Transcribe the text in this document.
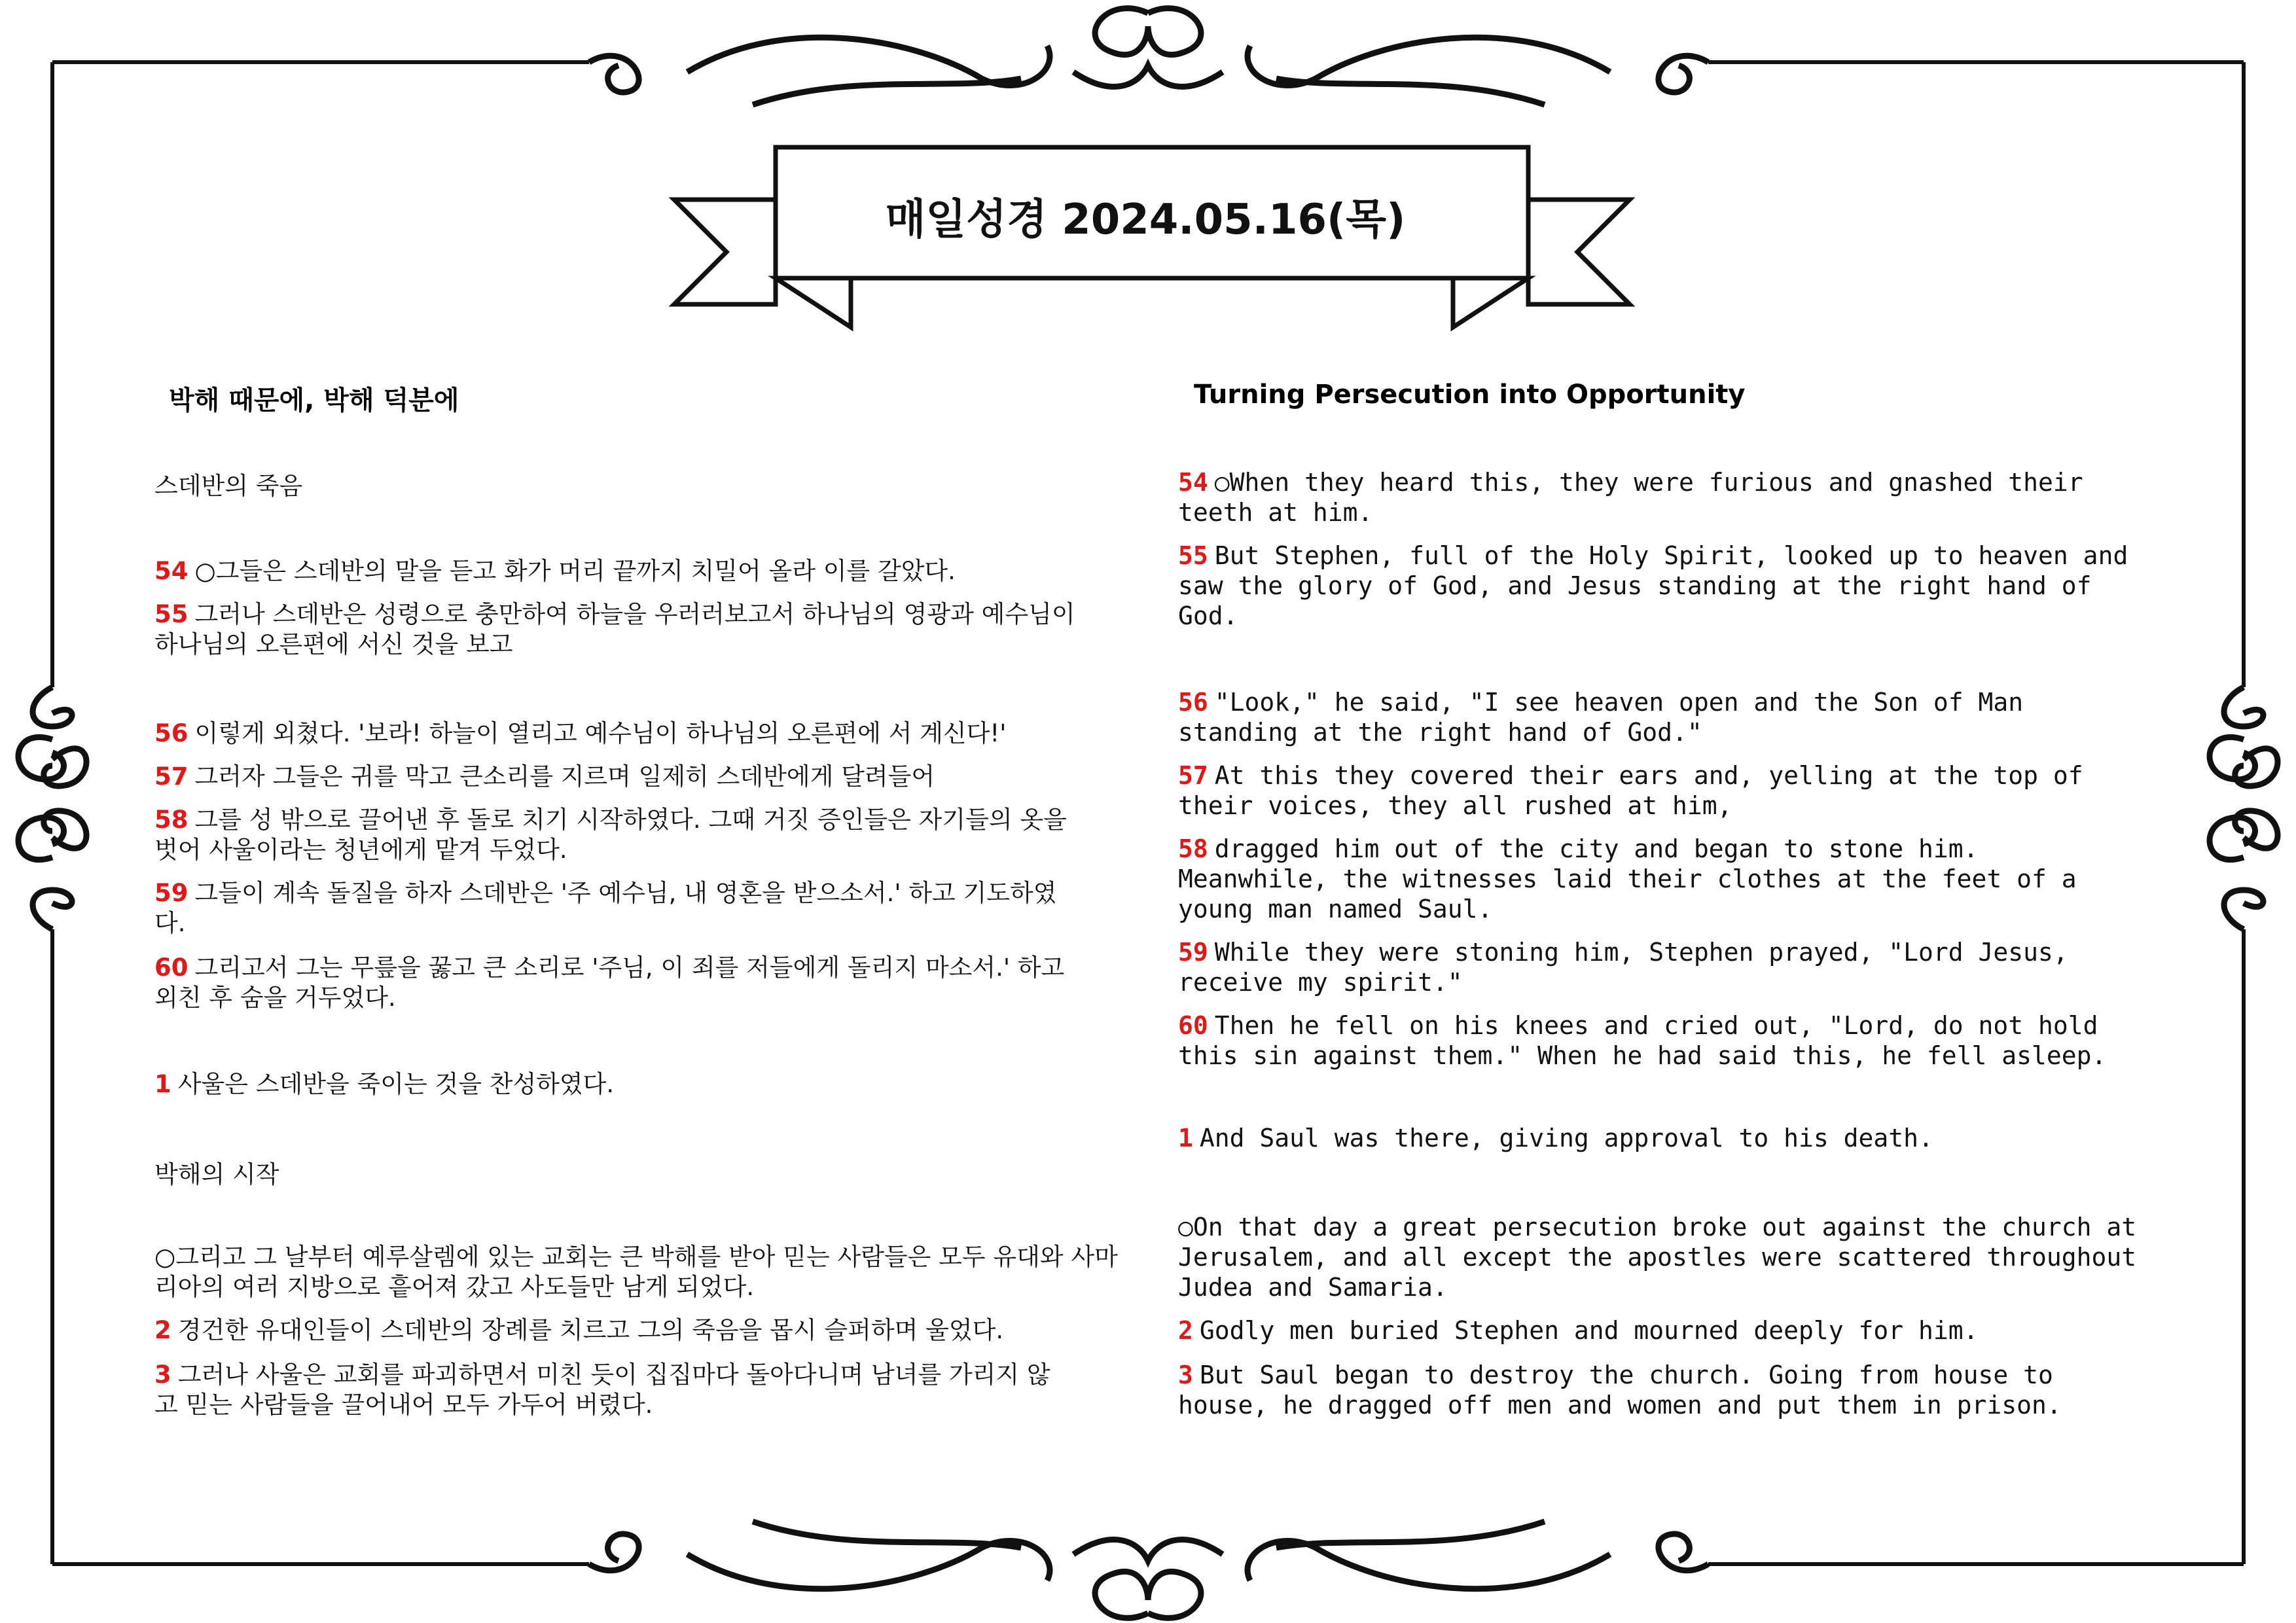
매일성경 2024.05.16(목)
박해 때문에, 박해 덕분에
스데반의 죽음
54 ○그들은 스데반의 말을 듣고 화가 머리 끝까지 치밀어 올라 이를 갈았다.
55 그러나 스데반은 성령으로 충만하여 하늘을 우러러보고서 하나님의 영광과 예수님이 하나님의 오른편에 서신 것을 보고
56 이렇게 외쳤다. '보라! 하늘이 열리고 예수님이 하나님의 오른편에 서 계신다!'
57 그러자 그들은 귀를 막고 큰소리를 지르며 일제히 스데반에게 달려들어
58 그를 성 밖으로 끌어낸 후 돌로 치기 시작하였다. 그때 거짓 증인들은 자기들의 옷을 벗어 사울이라는 청년에게 맡겨 두었다.
59 그들이 계속 돌질을 하자 스데반은 '주 예수님, 내 영혼을 받으소서.' 하고 기도하였다.
60 그리고서 그는 무릎을 꿇고 큰 소리로 '주님, 이 죄를 저들에게 돌리지 마소서.' 하고 외친 후 숨을 거두었다.
1 사울은 스데반을 죽이는 것을 찬성하였다.
박해의 시작
○그리고 그 날부터 예루살렘에 있는 교회는 큰 박해를 받아 믿는 사람들은 모두 유대와 사마리아의 여러 지방으로 흩어져 갔고 사도들만 남게 되었다.
2 경건한 유대인들이 스데반의 장례를 치르고 그의 죽음을 몹시 슬퍼하며 울었다.
3 그러나 사울은 교회를 파괴하면서 미친 듯이 집집마다 돌아다니며 남녀를 가리지 않고 믿는 사람들을 끌어내어 모두 가두어 버렸다.
Turning Persecution into Opportunity
54 ○When they heard this, they were furious and gnashed their teeth at him.
55 But Stephen, full of the Holy Spirit, looked up to heaven and saw the glory of God, and Jesus standing at the right hand of God.
56 "Look," he said, "I see heaven open and the Son of Man standing at the right hand of God."
57 At this they covered their ears and, yelling at the top of their voices, they all rushed at him,
58 dragged him out of the city and began to stone him. Meanwhile, the witnesses laid their clothes at the feet of a young man named Saul.
59 While they were stoning him, Stephen prayed, "Lord Jesus, receive my spirit."
60 Then he fell on his knees and cried out, "Lord, do not hold this sin against them." When he had said this, he fell asleep.
1 And Saul was there, giving approval to his death.
○On that day a great persecution broke out against the church at Jerusalem, and all except the apostles were scattered throughout Judea and Samaria.
2 Godly men buried Stephen and mourned deeply for him.
3 But Saul began to destroy the church. Going from house to house, he dragged off men and women and put them in prison.
